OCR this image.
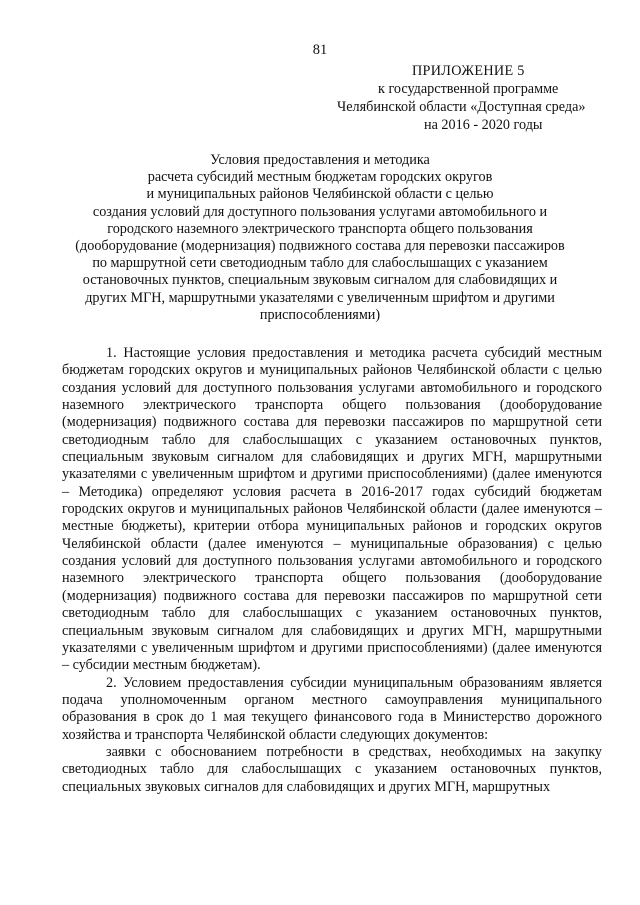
81
ПРИЛОЖЕНИЕ 5
к государственной программе
Челябинской области «Доступная среда»
на 2016 - 2020 годы
Условия предоставления и методика
расчета субсидий местным бюджетам городских округов
и муниципальных районов Челябинской области с целью
создания условий для доступного пользования услугами автомобильного и
городского наземного электрического транспорта общего пользования
(дооборудование (модернизация) подвижного состава для перевозки пассажиров
по маршрутной сети светодиодным табло для слабослышащих с указанием
остановочных пунктов, специальным звуковым сигналом для слабовидящих и
других МГН, маршрутными указателями с увеличенным шрифтом и другими
приспособлениями)

1. Настоящие условия предоставления и методика расчета субсидий местным бюджетам городских округов и муниципальных районов Челябинской области с целью создания условий для доступного пользования услугами автомобильного и городского наземного электрического транспорта общего пользования (дооборудование (модернизация) подвижного состава для перевозки пассажиров по маршрутной сети светодиодным табло для слабослышащих с указанием остановочных пунктов, специальным звуковым сигналом для слабовидящих и других МГН, маршрутными указателями с увеличенным шрифтом и другими приспособлениями) (далее именуются – Методика) определяют условия расчета в 2016-2017 годах субсидий бюджетам городских округов и муниципальных районов Челябинской области (далее именуются – местные бюджеты), критерии отбора муниципальных районов и городских округов Челябинской области (далее именуются – муниципальные образования) с целью создания условий для доступного пользования услугами автомобильного и городского наземного электрического транспорта общего пользования (дооборудование (модернизация) подвижного состава для перевозки пассажиров по маршрутной сети светодиодным табло для слабослышащих с указанием остановочных пунктов, специальным звуковым сигналом для слабовидящих и других МГН, маршрутными указателями с увеличенным шрифтом и другими приспособлениями) (далее именуются – субсидии местным бюджетам).

2. Условием предоставления субсидии муниципальным образованиям является подача уполномоченным органом местного самоуправления муниципального образования в срок до 1 мая текущего финансового года в Министерство дорожного хозяйства и транспорта Челябинской области следующих документов:

заявки с обоснованием потребности в средствах, необходимых на закупку светодиодных табло для слабослышащих с указанием остановочных пунктов, специальных звуковых сигналов для слабовидящих и других МГН, маршрутных
